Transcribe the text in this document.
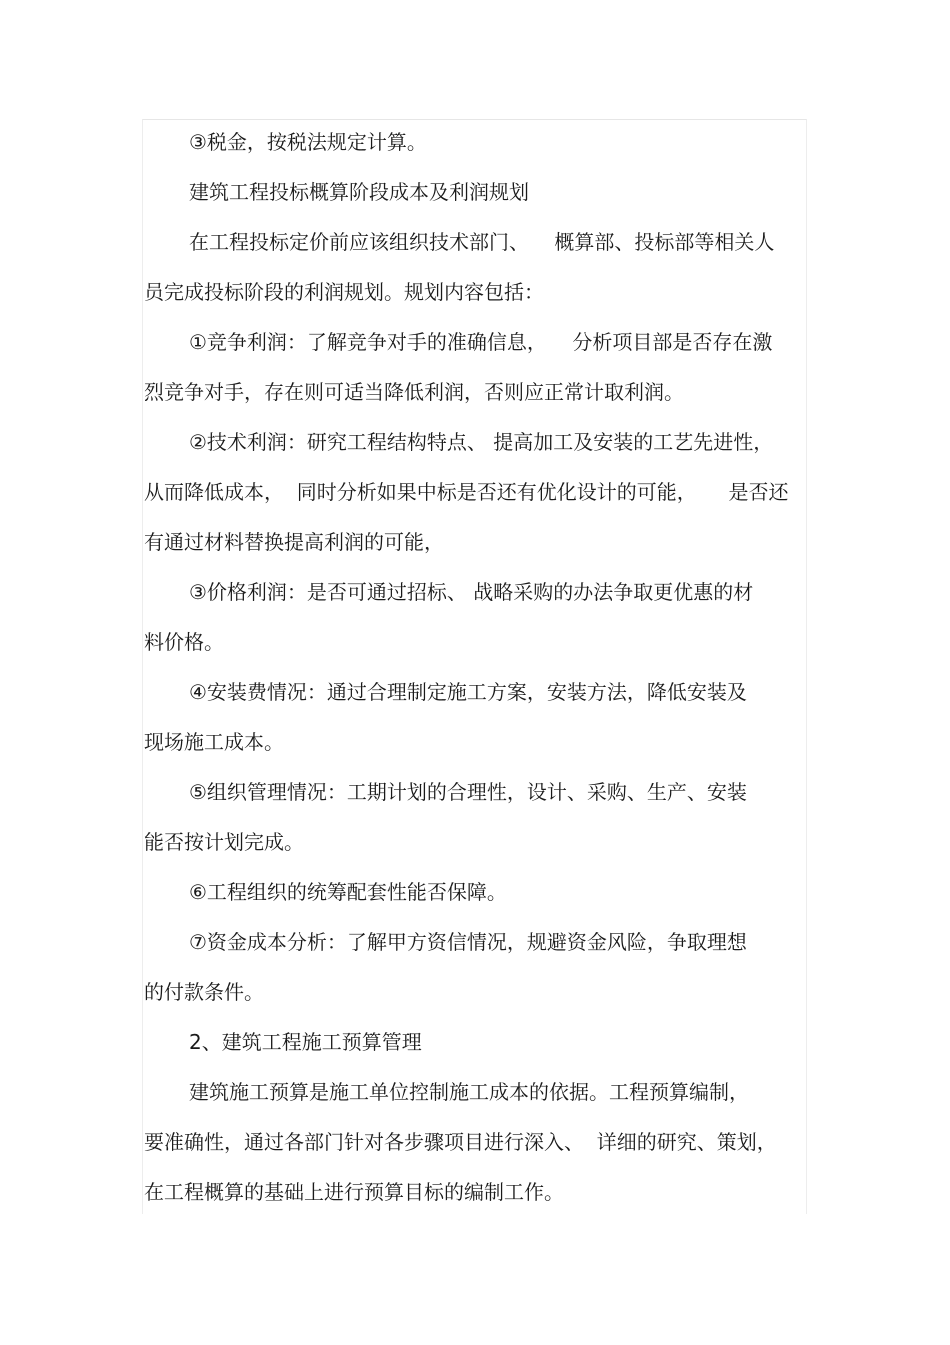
③税金，按税法规定计算。
建筑工程投标概算阶段成本及利润规划
在工程投标定价前应该组织技术部门、    概算部、投标部等相关人
员完成投标阶段的利润规划。规划内容包括：
①竞争利润：了解竞争对手的准确信息，    分析项目部是否存在激
烈竞争对手，存在则可适当降低利润，否则应正常计取利润。
②技术利润：研究工程结构特点、 提高加工及安装的工艺先进性，
从而降低成本，  同时分析如果中标是否还有优化设计的可能，     是否还
有通过材料替换提高利润的可能，
③价格利润：是否可通过招标、 战略采购的办法争取更优惠的材
料价格。
④安装费情况：通过合理制定施工方案，安装方法，降低安装及
现场施工成本。
⑤组织管理情况：工期计划的合理性，设计、采购、生产、安装
能否按计划完成。
⑥工程组织的统筹配套性能否保障。
⑦资金成本分析：了解甲方资信情况，规避资金风险，争取理想
的付款条件。
2、建筑工程施工预算管理
建筑施工预算是施工单位控制施工成本的依据。工程预算编制，
要准确性，通过各部门针对各步骤项目进行深入、  详细的研究、策划，
在工程概算的基础上进行预算目标的编制工作。
